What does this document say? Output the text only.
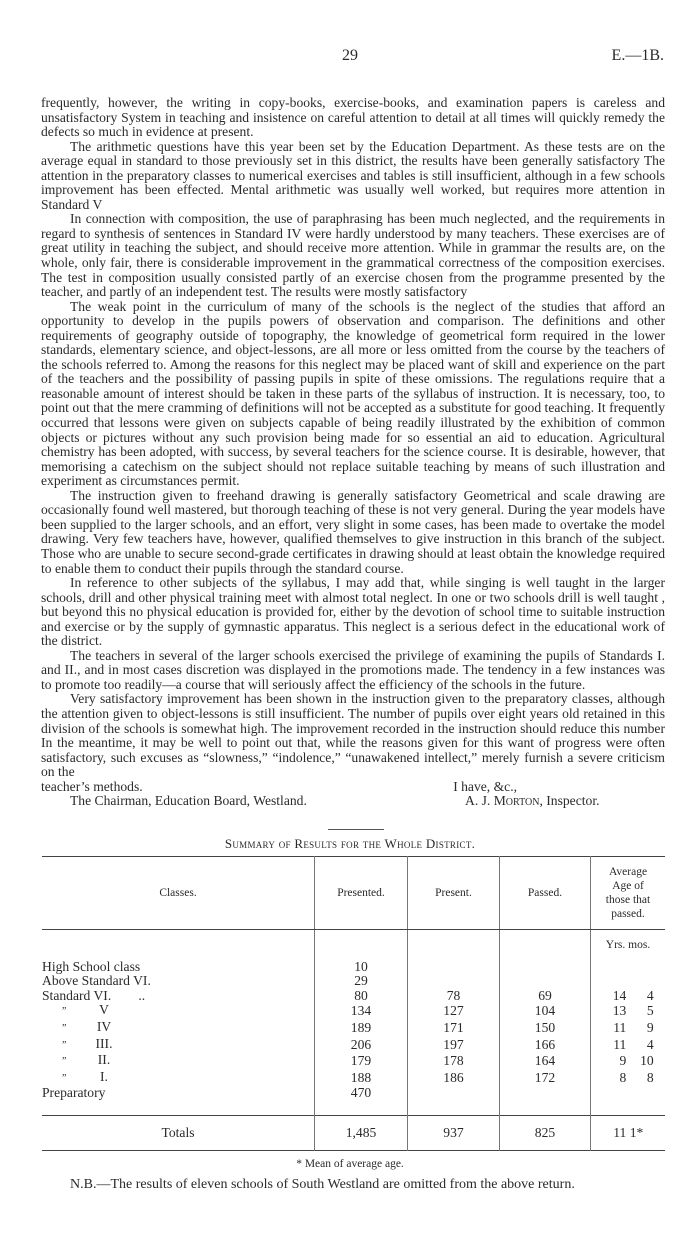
29	E.—1B.

frequently, however, the writing in copy-books, exercise-books, and examination papers is careless and unsatisfactory System in teaching and insistence on careful attention to detail at all times will quickly remedy the defects so much in evidence at present.

The arithmetic questions have this year been set by the Education Department. As these tests are on the average equal in standard to those previously set in this district, the results have been generally satisfactory The attention in the preparatory classes to numerical exercises and tables is still insufficient, although in a few schools improvement has been effected. Mental arithmetic was usually well worked, but requires more attention in Standard V

In connection with composition, the use of paraphrasing has been much neglected, and the requirements in regard to synthesis of sentences in Standard IV were hardly understood by many teachers. These exercises are of great utility in teaching the subject, and should receive more attention. While in grammar the results are, on the whole, only fair, there is considerable improvement in the grammatical correctness of the composition exercises. The test in composition usually consisted partly of an exercise chosen from the programme presented by the teacher, and partly of an independent test. The results were mostly satisfactory

The weak point in the curriculum of many of the schools is the neglect of the studies that afford an opportunity to develop in the pupils powers of observation and comparison. The definitions and other requirements of geography outside of topography, the knowledge of geometrical form required in the lower standards, elementary science, and object-lessons, are all more or less omitted from the course by the teachers of the schools referred to. Among the reasons for this neglect may be placed want of skill and experience on the part of the teachers and the possibility of passing pupils in spite of these omissions. The regulations require that a reasonable amount of interest should be taken in these parts of the syllabus of instruction. It is necessary, too, to point out that the mere cramming of definitions will not be accepted as a substitute for good teaching. It frequently occurred that lessons were given on subjects capable of being readily illustrated by the exhibition of common objects or pictures without any such provision being made for so essential an aid to education. Agricultural chemistry has been adopted, with success, by several teachers for the science course. It is desirable, however, that memorising a catechism on the subject should not replace suitable teaching by means of such illustration and experiment as circumstances permit.

The instruction given to freehand drawing is generally satisfactory Geometrical and scale drawing are occasionally found well mastered, but thorough teaching of these is not very general. During the year models have been supplied to the larger schools, and an effort, very slight in some cases, has been made to overtake the model drawing. Very few teachers have, however, qualified themselves to give instruction in this branch of the subject. Those who are unable to secure second-grade certificates in drawing should at least obtain the knowledge required to enable them to conduct their pupils through the standard course.

In reference to other subjects of the syllabus, I may add that, while singing is well taught in the larger schools, drill and other physical training meet with almost total neglect. In one or two schools drill is well taught , but beyond this no physical education is provided for, either by the devotion of school time to suitable instruction and exercise or by the supply of gymnastic apparatus. This neglect is a serious defect in the educational work of the district.

The teachers in several of the larger schools exercised the privilege of examining the pupils of Standards I. and II., and in most cases discretion was displayed in the promotions made. The tendency in a few instances was to promote too readily—a course that will seriously affect the efficiency of the schools in the future.

Very satisfactory improvement has been shown in the instruction given to the preparatory classes, although the attention given to object-lessons is still insufficient. The number of pupils over eight years old retained in this division of the schools is somewhat high. The improvement recorded in the instruction should reduce this number In the meantime, it may be well to point out that, while the reasons given for this want of progress were often satisfactory, such excuses as “slowness,” “indolence,” “unawakened intellect,” merely furnish a severe criticism on the

teacher’s methods.	I have, &c.,
The Chairman, Education Board, Westland.	A. J. Morton, Inspector.
Summary of Results for the Whole District.
Classes.	Presented.	Present.	Passed.	Average Age of those that passed.
				Yrs. mos.
High School class	10			
Above Standard VI.	29			
Standard VI.        ..	80	78	69	14 4
” V	134	127	104	13 5
” IV	189	171	150	11 9
” III.	206	197	166	11 4
” II.	179	178	164	9 10
” I.	188	186	172	8 8
Preparatory	470			

Totals	1,485	937	825	11 1*

* Mean of average age.
N.B.—The results of eleven schools of South Westland are omitted from the above return.
